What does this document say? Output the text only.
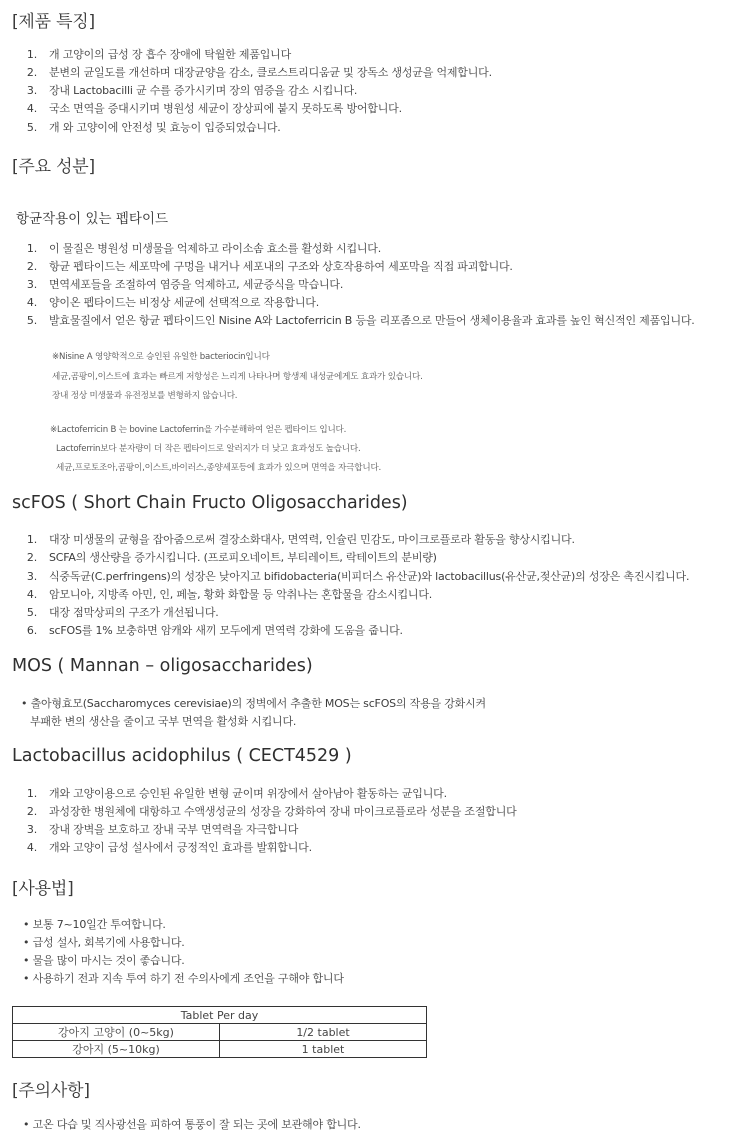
[제품 특징]
1. 개 고양이의 급성 장 흡수 장애에 탁월한 제품입니다
2. 분변의 균일도를 개선하며 대장균양을 감소, 클로스트리디움균 및 장독소 생성균을 억제합니다.
3. 장내 Lactobacilli 균 수를 증가시키며 장의 염증을 감소 시킵니다.
4. 국소 면역을 증대시키며 병원성 세균이 장상피에 붙지 못하도록 방어합니다.
5. 개 와 고양이에 안전성 및 효능이 입증되었습니다.
[주요 성분]
항균작용이 있는 펩타이드
1. 이 물질은 병원성 미생물을 억제하고 라이소솜 효소를 활성화 시킵니다.
2. 항균 펩타이드는 세포막에 구멍을 내거나 세포내의 구조와 상호작용하여 세포막을 직접 파괴합니다.
3. 면역세포들을 조절하여 염증을 억제하고, 세균증식을 막습니다.
4. 양이온 펩타이드는 비정상 세균에 선택적으로 작용합니다.
5. 발효물질에서 얻은 항균 펩타이드인 Nisine A와 Lactoferricin B 등을 리포좀으로 만들어 생체이용율과 효과를 높인 혁신적인 제품입니다.
※Nisine A 영양학적으로 승인된 유일한 bacteriocin입니다
세균,곰팡이,이스트에 효과는 빠르게 저항성은 느리게 나타나며 항생제 내성균에게도 효과가 있습니다.
장내 정상 미생물과 유전정보를 변형하지 않습니다.
※Lactoferricin B 는 bovine Lactoferrin을 가수분해하여 얻은 펩타이드 입니다.
Lactoferrin보다 분자량이 더 작은 펩타이드로 알러지가 더 낮고 효과성도 높습니다.
세균,프로토조아,곰팡이,이스트,바이러스,종양세포등에 효과가 있으며 면역을 자극합니다.
scFOS ( Short Chain Fructo Oligosaccharides)
1. 대장 미생물의 균형을 잡아줌으로써 결장소화대사, 면역력, 인슐린 민감도, 마이크로플로라 활동을 향상시킵니다.
2. SCFA의 생산량을 증가시킵니다. (프로피오네이트, 부티레이트, 락테이트의 분비량)
3. 식중독균(C.perfringens)의 성장은 낮아지고 bifidobacteria(비피더스 유산균)와 lactobacillus(유산균,젖산균)의 성장은 촉진시킵니다.
4. 암모니아, 지방족 아민, 인, 페놀, 황화 화합물 등 악취나는 혼합물을 감소시킵니다.
5. 대장 점막상피의 구조가 개선됩니다.
6. scFOS를 1% 보충하면 암캐와 새끼 모두에게 면역력 강화에 도움을 줍니다.
MOS ( Mannan – oligosaccharides)
• 출아형효모(Saccharomyces cerevisiae)의 정벽에서 추출한 MOS는 scFOS의 작용을 강화시켜
부패한 변의 생산을 줄이고 국부 면역을 활성화 시킵니다.
Lactobacillus acidophilus ( CECT4529 )
1. 개와 고양이용으로 승인된 유일한 변형 균이며 위장에서 살아남아 활동하는 균입니다.
2. 과성장한 병원체에 대항하고 수액생성균의 성장을 강화하여 장내 마이크로플로라 성분을 조절합니다
3. 장내 장벽을 보호하고 장내 국부 면역력을 자극합니다
4. 개와 고양이 급성 설사에서 긍정적인 효과를 발휘합니다.
[사용법]
• 보통 7~10일간 투여합니다.
• 급성 설사, 회복기에 사용합니다.
• 물을 많이 마시는 것이 좋습니다.
• 사용하기 전과 지속 투여 하기 전 수의사에게 조언을 구해야 합니다
Tablet Per day	
강아지 고양이 (0~5kg)	1/2 tablet
강아지 (5~10kg)	1 tablet
[주의사항]
• 고온 다습 및 직사광선을 피하여 통풍이 잘 되는 곳에 보관해야 합니다.
